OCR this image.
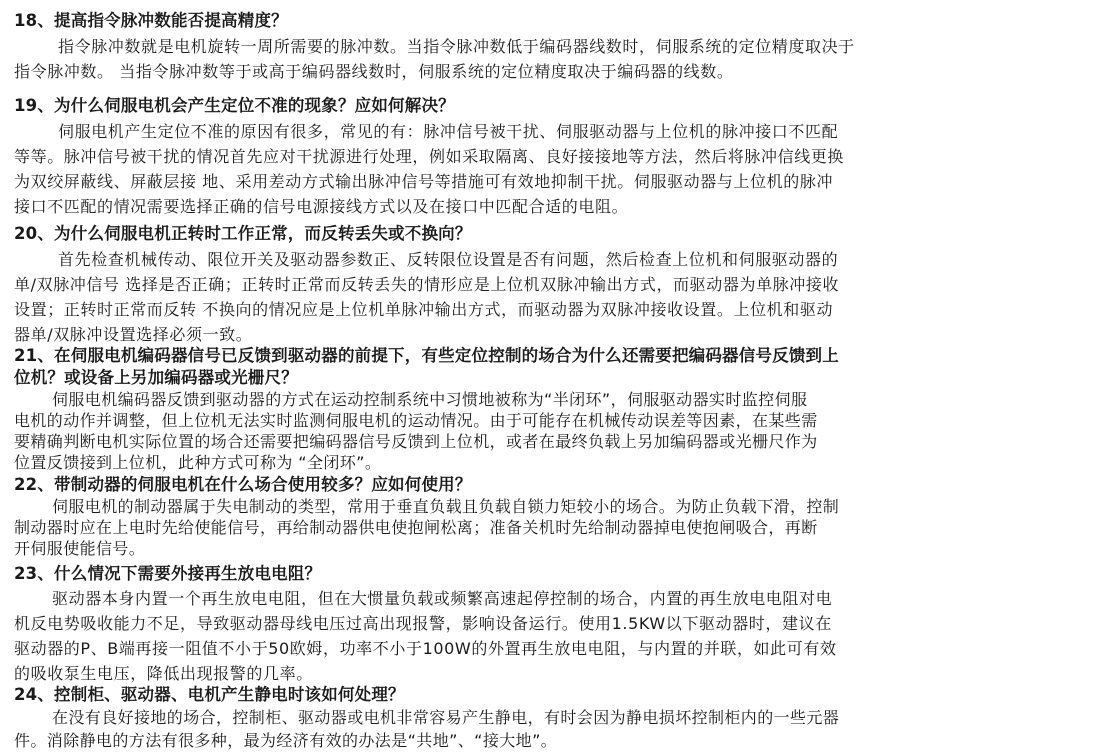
18、提高指令脉冲数能否提高精度？
指令脉冲数就是电机旋转一周所需要的脉冲数。当指令脉冲数低于编码器线数时，伺服系统的定位精度取决于
指令脉冲数。 当指令脉冲数等于或高于编码器线数时，伺服系统的定位精度取决于编码器的线数。
19、为什么伺服电机会产生定位不准的现象？应如何解决？
伺服电机产生定位不准的原因有很多，常见的有：脉冲信号被干扰、伺服驱动器与上位机的脉冲接口不匹配
等等。脉冲信号被干扰的情况首先应对干扰源进行处理，例如采取隔离、良好接接地等方法，然后将脉冲信线更换
为双绞屏蔽线、屏蔽层接 地、采用差动方式输出脉冲信号等措施可有效地抑制干扰。伺服驱动器与上位机的脉冲
接口不匹配的情况需要选择正确的信号电源接线方式以及在接口中匹配合适的电阻。
20、为什么伺服电机正转时工作正常，而反转丢失或不换向？
首先检查机械传动、限位开关及驱动器参数正、反转限位设置是否有问题，然后检查上位机和伺服驱动器的
单/双脉冲信号 选择是否正确；正转时正常而反转丢失的情形应是上位机双脉冲输出方式，而驱动器为单脉冲接收
设置；正转时正常而反转 不换向的情况应是上位机单脉冲输出方式，而驱动器为双脉冲接收设置。上位机和驱动
器单/双脉冲设置选择必须一致。
21、在伺服电机编码器信号已反馈到驱动器的前提下，有些定位控制的场合为什么还需要把编码器信号反馈到上
位机？或设备上另加编码器或光栅尺？
伺服电机编码器反馈到驱动器的方式在运动控制系统中习惯地被称为“半闭环”，伺服驱动器实时监控伺服
电机的动作并调整，但上位机无法实时监测伺服电机的运动情况。由于可能存在机械传动误差等因素，在某些需
要精确判断电机实际位置的场合还需要把编码器信号反馈到上位机，或者在最终负载上另加编码器或光栅尺作为
位置反馈接到上位机，此种方式可称为 “全闭环”。
22、带制动器的伺服电机在什么场合使用较多？应如何使用？
伺服电机的制动器属于失电制动的类型，常用于垂直负载且负载自锁力矩较小的场合。为防止负载下滑，控制
制动器时应在上电时先给使能信号，再给制动器供电使抱闸松离；准备关机时先给制动器掉电使抱闸吸合，再断
开伺服使能信号。
23、什么情况下需要外接再生放电电阻？
驱动器本身内置一个再生放电电阻，但在大惯量负载或频繁高速起停控制的场合，内置的再生放电电阻对电
机反电势吸收能力不足，导致驱动器母线电压过高出现报警，影响设备运行。使用1.5KW以下驱动器时，建议在
驱动器的P、B端再接一阻值不小于50欧姆，功率不小于100W的外置再生放电电阻，与内置的并联，如此可有效
的吸收泵生电压，降低出现报警的几率。
24、控制柜、驱动器、电机产生静电时该如何处理？
在没有良好接地的场合，控制柜、驱动器或电机非常容易产生静电，有时会因为静电损坏控制柜内的一些元器
件。消除静电的方法有很多种，最为经济有效的办法是“共地”、“接大地”。
